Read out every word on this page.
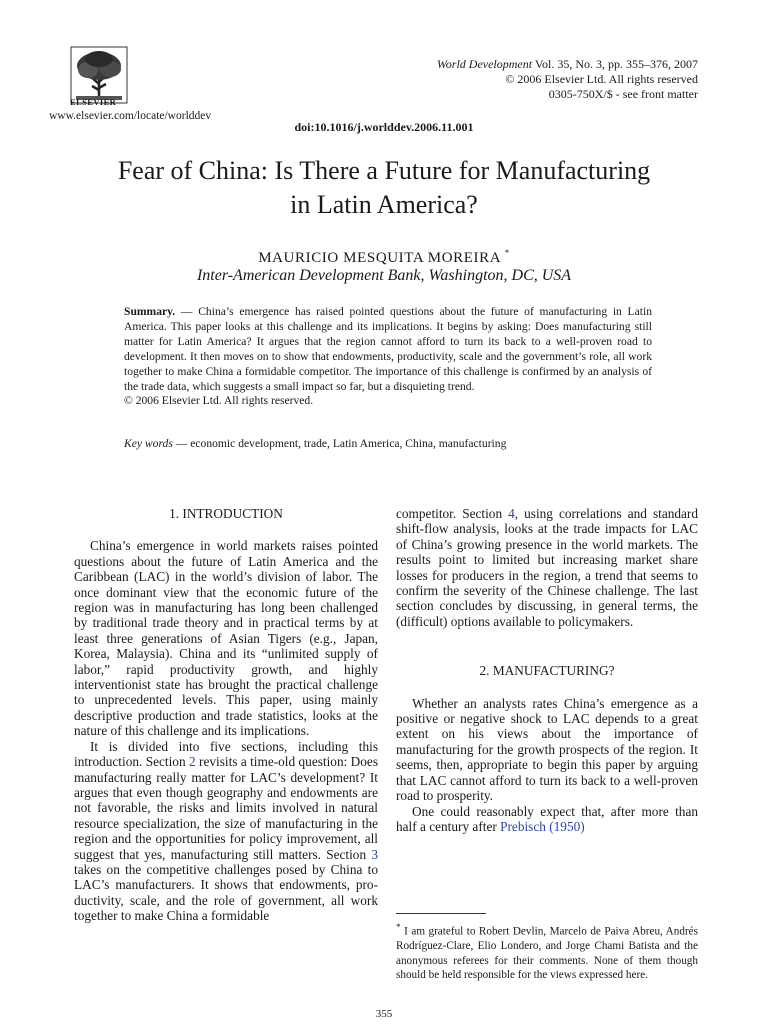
ELSEVIER
www.elsevier.com/locate/worlddev
World Development Vol. 35, No. 3, pp. 355–376, 2007
© 2006 Elsevier Ltd. All rights reserved
0305-750X/$ - see front matter
doi:10.1016/j.worlddev.2006.11.001
Fear of China: Is There a Future for Manufacturing
in Latin America?
MAURICIO MESQUITA MOREIRA *
Inter-American Development Bank, Washington, DC, USA
Summary. — China’s emergence has raised pointed questions about the future of manufacturing in Latin America. This paper looks at this challenge and its implications. It begins by asking: Does manufacturing still matter for Latin America? It argues that the region cannot afford to turn its back to a well-proven road to development. It then moves on to show that endowments, productivity, scale and the government’s role, all work together to make China a formidable competitor. The importance of this challenge is confirmed by an analysis of the trade data, which suggests a small impact so far, but a disquieting trend.
© 2006 Elsevier Ltd. All rights reserved.
Key words — economic development, trade, Latin America, China, manufacturing
1. INTRODUCTION

China’s emergence in world markets raises pointed questions about the future of Latin America and the Caribbean (LAC) in the world’s division of labor. The once dominant view that the economic future of the region was in manufacturing has long been challenged by traditional trade theory and in practical terms by at least three generations of Asian Tigers (e.g., Japan, Korea, Malaysia). China and its “unlimited supply of labor,” rapid productivity growth, and highly interventionist state has brought the practical challenge to unprecedented levels. This paper, using mainly descriptive production and trade statistics, looks at the nature of this challenge and its implications.

It is divided into five sections, including this introduction. Section 2 revisits a time-old question: Does manufacturing really matter for LAC’s development? It argues that even though geography and endowments are not favorable, the risks and limits involved in natural resource specialization, the size of manufacturing in the region and the opportunities for policy improvement, all suggest that yes, manufacturing still matters. Section 3 takes on the competitive challenges posed by China to LAC’s manufacturers. It shows that endowments, productivity, scale, and the role of government, all work together to make China a formidable

competitor. Section 4, using correlations and standard shift-flow analysis, looks at the trade impacts for LAC of China’s growing presence in the world markets. The results point to limited but increasing market share losses for producers in the region, a trend that seems to confirm the severity of the Chinese challenge. The last section concludes by discussing, in general terms, the (difficult) options available to policymakers.

2. MANUFACTURING?

Whether an analysts rates China’s emergence as a positive or negative shock to LAC depends to a great extent on his views about the importance of manufacturing for the growth prospects of the region. It seems, then, appropriate to begin this paper by arguing that LAC cannot afford to turn its back to a well-proven road to prosperity.

One could reasonably expect that, after more than half a century after Prebisch (1950)

* I am grateful to Robert Devlin, Marcelo de Paiva Abreu, Andrés Rodríguez-Clare, Elio Londero, and Jorge Chami Batista and the anonymous referees for their comments. None of them though should be held responsible for the views expressed here.
355
